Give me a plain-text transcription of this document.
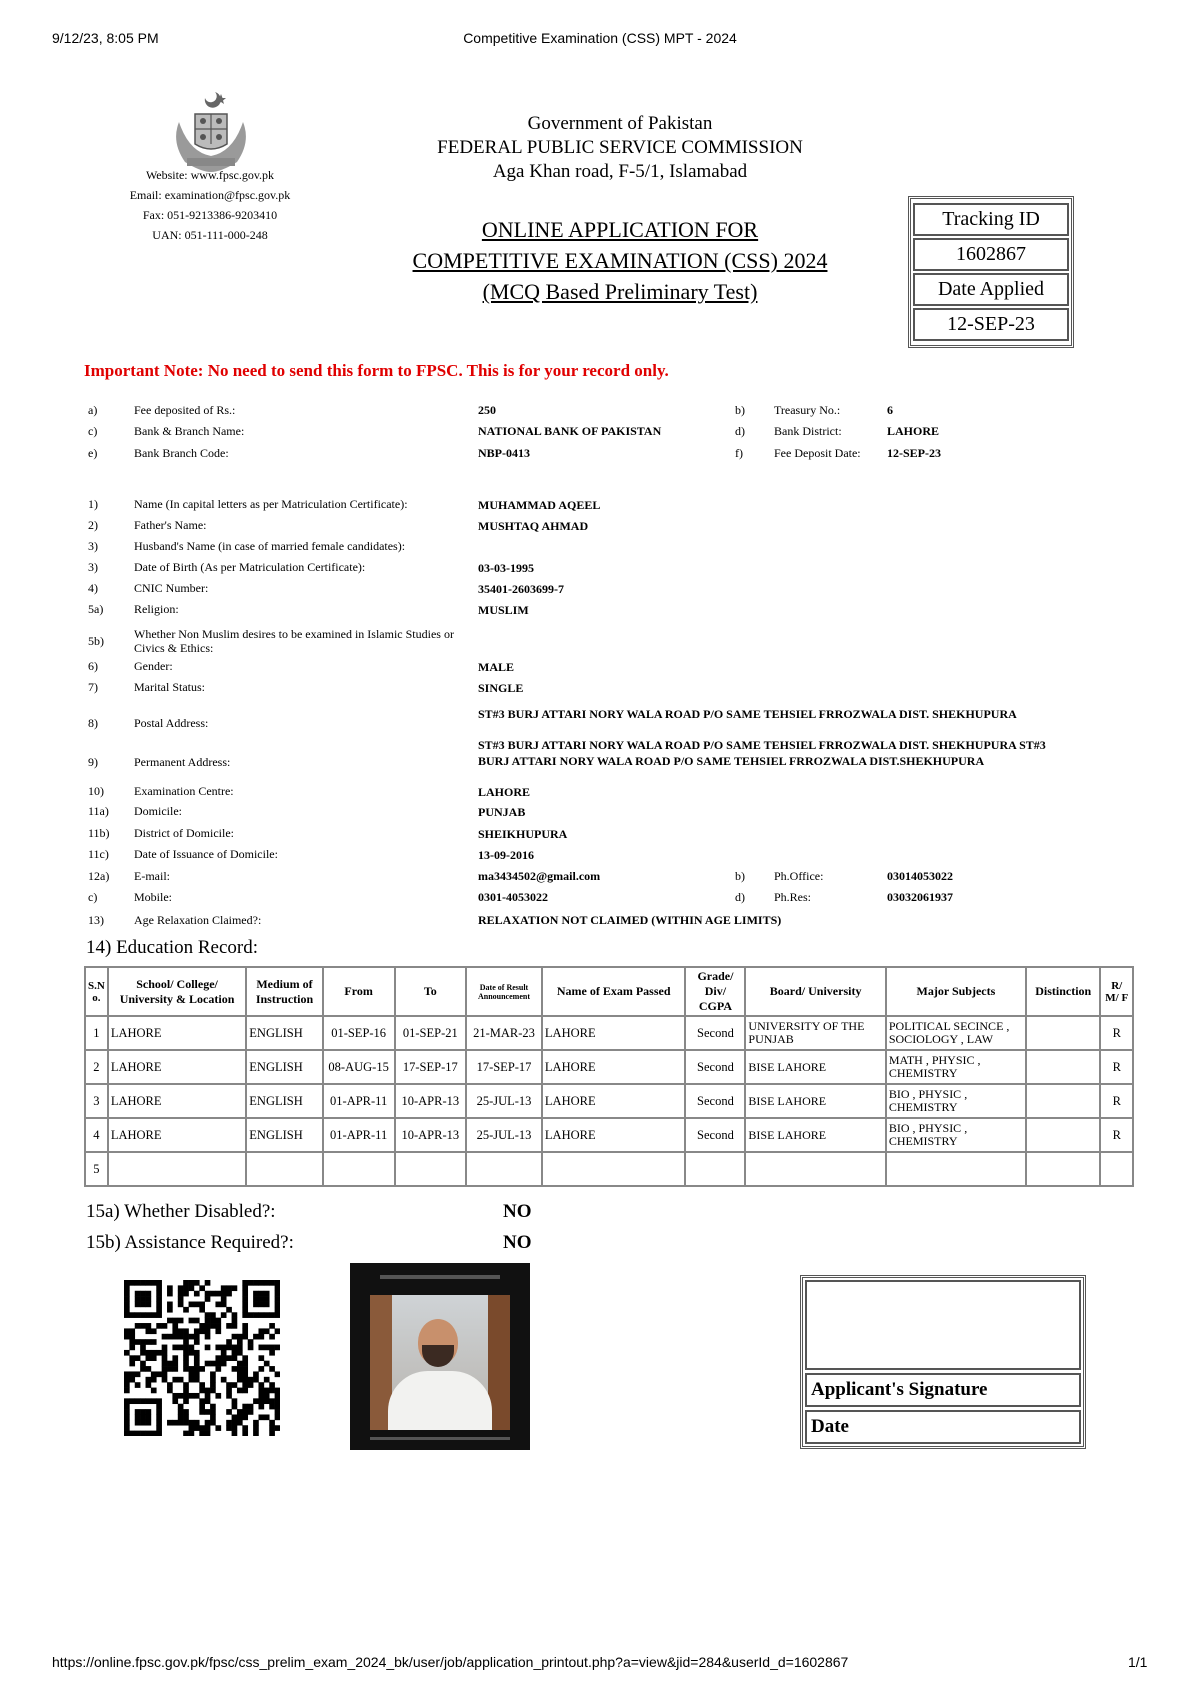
9/12/23, 8:05 PM	Competitive Examination (CSS) MPT - 2024
Website: www.fpsc.gov.pk
Email: examination@fpsc.gov.pk
Fax: 051-9213386-9203410
UAN: 051-111-000-248
Government of Pakistan
FEDERAL PUBLIC SERVICE COMMISSION
Aga Khan road, F-5/1, Islamabad
ONLINE APPLICATION FOR
COMPETITIVE EXAMINATION (CSS) 2024
(MCQ Based Preliminary Test)
Tracking ID
1602867
Date Applied
12-SEP-23
Important Note: No need to send this form to FPSC. This is for your record only.
a)	Fee deposited of Rs.:	250	b) Treasury No.:	6
c)	Bank & Branch Name:	NATIONAL BANK OF PAKISTAN	d) Bank District:	LAHORE
e)	Bank Branch Code:	NBP-0413	f)	Fee Deposit Date: 12-SEP-23
1)	Name (In capital letters as per Matriculation Certificate):	MUHAMMAD AQEEL
2)	Father's Name:	MUSHTAQ AHMAD
3)	Husband's Name (in case of married female candidates):
3)	Date of Birth (As per Matriculation Certificate):	03-03-1995
4)	CNIC Number:	35401-2603699-7
5a)	Religion:	MUSLIM
5b)	Whether Non Muslim desires to be examined in Islamic Studies or Civics & Ethics:
6)	Gender:	MALE
7)	Marital Status:	SINGLE
8)	Postal Address:
ST#3 BURJ ATTARI NORY WALA ROAD P/O SAME TEHSIEL FRROZWALA DIST. SHEKHUPURA
9)	Permanent Address:
ST#3 BURJ ATTARI NORY WALA ROAD P/O SAME TEHSIEL FRROZWALA DIST. SHEKHUPURA ST#3 BURJ ATTARI NORY WALA ROAD P/O SAME TEHSIEL FRROZWALA DIST.SHEKHUPURA
10)	Examination Centre:	LAHORE
11a) Domicile:	PUNJAB
11b) District of Domicile:	SHEIKHUPURA
11c) Date of Issuance of Domicile:	13-09-2016
12a) E-mail:	ma3434502@gmail.com	b) Ph.Office:	03014053022
c)	Mobile:	0301-4053022	d) Ph.Res:	03032061937
13)	Age Relaxation Claimed?:	RELAXATION NOT CLAIMED (WITHIN AGE LIMITS)
14) Education Record:
S.N o.	School/ College/ University & Location	Medium of Instruction	From	To	Date of Result Announcement	Name of Exam Passed	Grade/ Div/ CGPA	Board/ University	Major Subjects	Distinction	R/ M/ F
1	LAHORE	ENGLISH	01-SEP-16	01-SEP-21	21-MAR-23	LAHORE	Second	UNIVERSITY OF THE PUNJAB	POLITICAL SECINCE , SOCIOLOGY , LAW		R
2	LAHORE	ENGLISH	08-AUG-15	17-SEP-17	17-SEP-17	LAHORE	Second	BISE LAHORE	MATH , PHYSIC , CHEMISTRY		R
3	LAHORE	ENGLISH	01-APR-11	10-APR-13	25-JUL-13	LAHORE	Second	BISE LAHORE	BIO , PHYSIC , CHEMISTRY		R
4	LAHORE	ENGLISH	01-APR-11	10-APR-13	25-JUL-13	LAHORE	Second	BISE LAHORE	BIO , PHYSIC , CHEMISTRY		R
5											
15a) Whether Disabled?:	NO
15b) Assistance Required?:	NO
Applicant's Signature
Date
https://online.fpsc.gov.pk/fpsc/css_prelim_exam_2024_bk/user/job/application_printout.php?a=view&jid=284&userId_d=1602867	1/1
